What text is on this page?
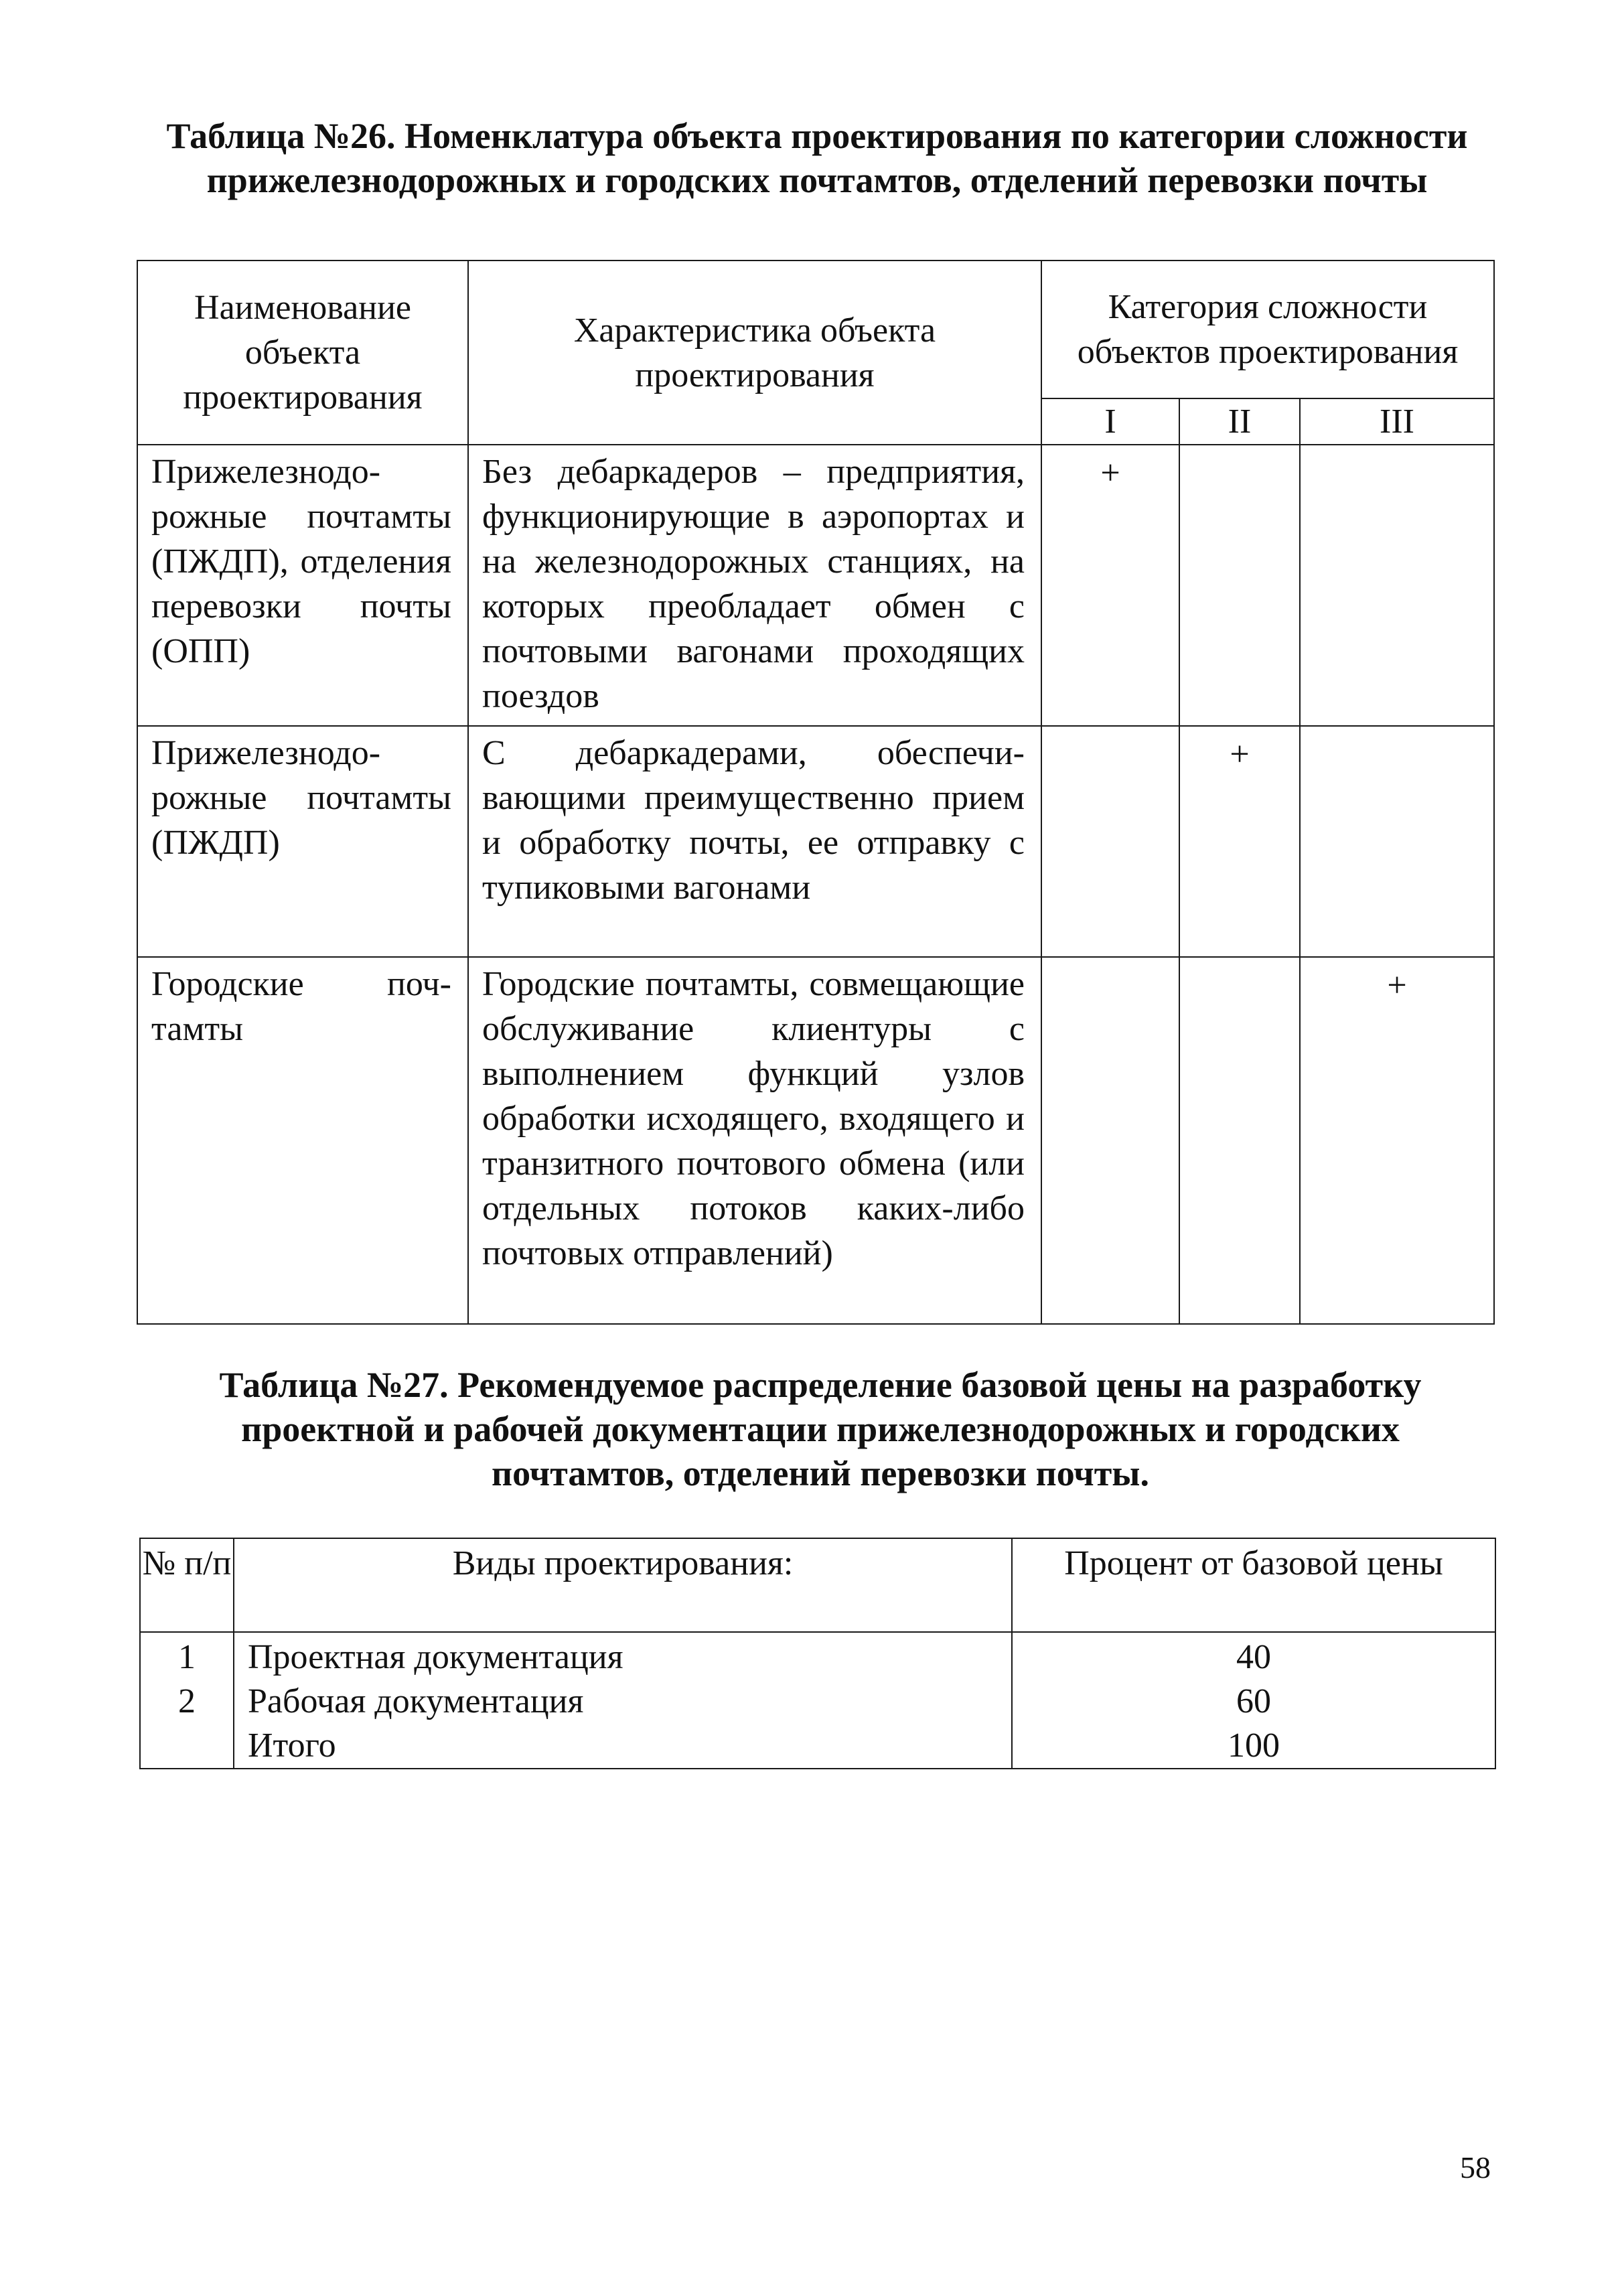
Таблица №26. Номенклатура объекта проектирования по категории сложности прижелезнодорожных и городских почтамтов, отделений перевозки почты

Наименование объекта проектирования	Характеристика объекта проектирования	Категория сложности объектов проектирования		
		I	II	III
Прижелезнодорожные почтамты (ПЖДП), отделения перевозки почты (ОПП)	Без дебаркадеров – предприятия, функционирующие в аэропортах и на железнодорожных станциях, на которых преобладает обмен с почтовыми вагонами проходящих поездов	+		
Прижелезнодорожные почтамты (ПЖДП)	С дебаркадерами, обеспечивающими преимущественно прием и обработку почты, ее отправку с тупиковыми вагонами		+	
Городские почтамты	Городские почтамты, совмещающие обслуживание клиентуры с выполнением функций узлов обработки исходящего, входящего и транзитного почтового обмена (или отдельных потоков каких-либо почтовых отправлений)			+

Таблица №27. Рекомендуемое распределение базовой цены на разработку проектной и рабочей документации прижелезнодорожных и городских почтамтов, отделений перевозки почты.

№ п/п	Виды проектирования:	Процент от базовой цены
1	Проектная документация	40
2	Рабочая документация	60
	Итого	100
58
